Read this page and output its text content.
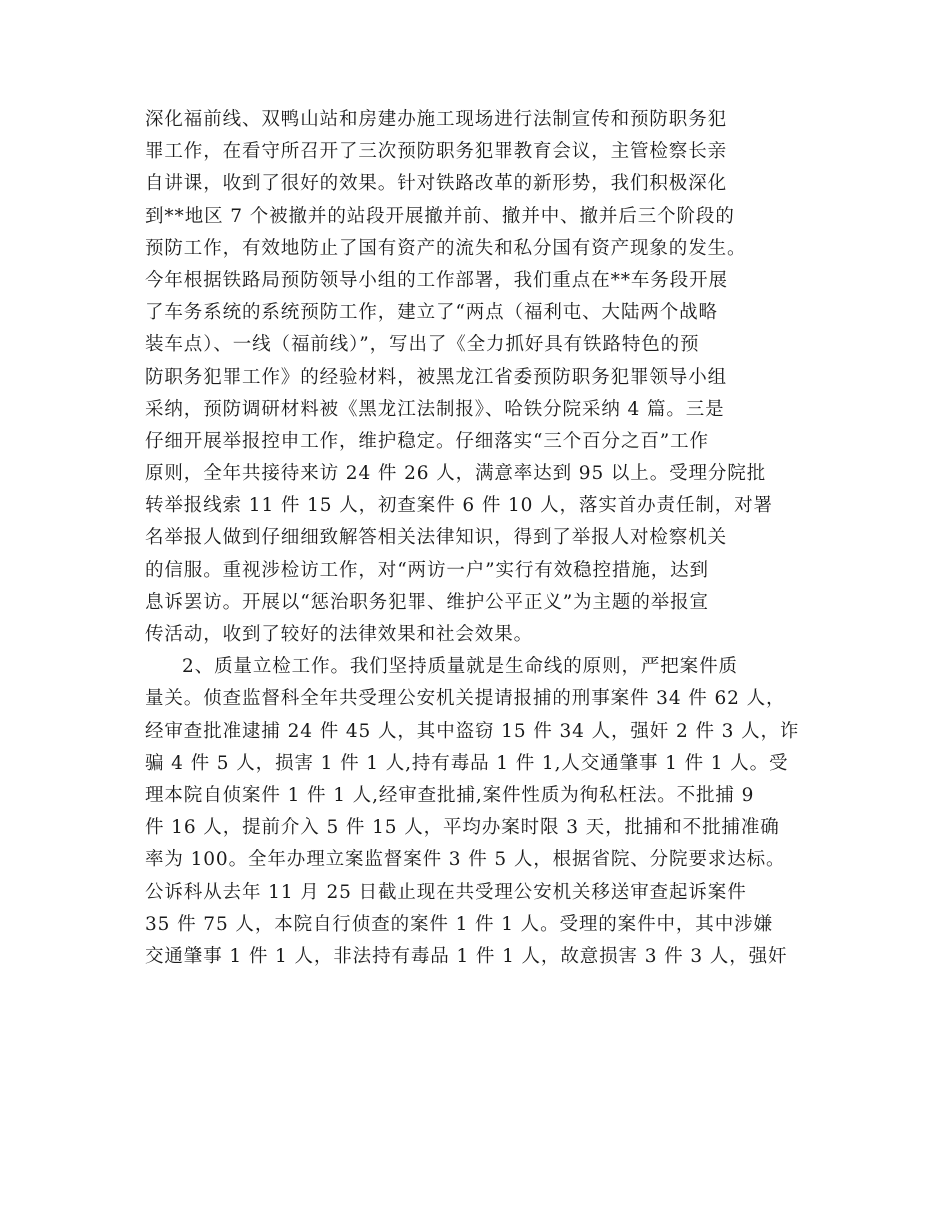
深化福前线、双鸭山站和房建办施工现场进行法制宣传和预防职务犯
罪工作，在看守所召开了三次预防职务犯罪教育会议，主管检察长亲
自讲课，收到了很好的效果。针对铁路改革的新形势，我们积极深化
到**地区 7 个被撤并的站段开展撤并前、撤并中、撤并后三个阶段的
预防工作，有效地防止了国有资产的流失和私分国有资产现象的发生。
今年根据铁路局预防领导小组的工作部署，我们重点在**车务段开展
了车务系统的系统预防工作，建立了“两点（福利屯、大陆两个战略
装车点）、一线（福前线）”，写出了《全力抓好具有铁路特色的预
防职务犯罪工作》的经验材料，被黑龙江省委预防职务犯罪领导小组
采纳，预防调研材料被《黑龙江法制报》、哈铁分院采纳 4 篇。三是
仔细开展举报控申工作，维护稳定。仔细落实“三个百分之百”工作
原则，全年共接待来访 24 件 26 人，满意率达到 95 以上。受理分院批
转举报线索 11 件 15 人，初查案件 6 件 10 人，落实首办责任制，对署
名举报人做到仔细细致解答相关法律知识，得到了举报人对检察机关
的信服。重视涉检访工作，对“两访一户”实行有效稳控措施，达到
息诉罢访。开展以“惩治职务犯罪、维护公平正义”为主题的举报宣
传活动，收到了较好的法律效果和社会效果。
2、质量立检工作。我们坚持质量就是生命线的原则，严把案件质
量关。侦查监督科全年共受理公安机关提请报捕的刑事案件 34 件 62 人，
经审查批准逮捕 24 件 45 人，其中盗窃 15 件 34 人，强奸 2 件 3 人，诈
骗 4 件 5 人，损害 1 件 1 人,持有毒品 1 件 1,人交通肇事 1 件 1 人。受
理本院自侦案件 1 件 1 人,经审查批捕,案件性质为徇私枉法。不批捕 9
件 16 人，提前介入 5 件 15 人，平均办案时限 3 天，批捕和不批捕准确
率为 100。全年办理立案监督案件 3 件 5 人，根据省院、分院要求达标。
公诉科从去年 11 月 25 日截止现在共受理公安机关移送审查起诉案件
35 件 75 人，本院自行侦查的案件 1 件 1 人。受理的案件中，其中涉嫌
交通肇事 1 件 1 人，非法持有毒品 1 件 1 人，故意损害 3 件 3 人，强奸
